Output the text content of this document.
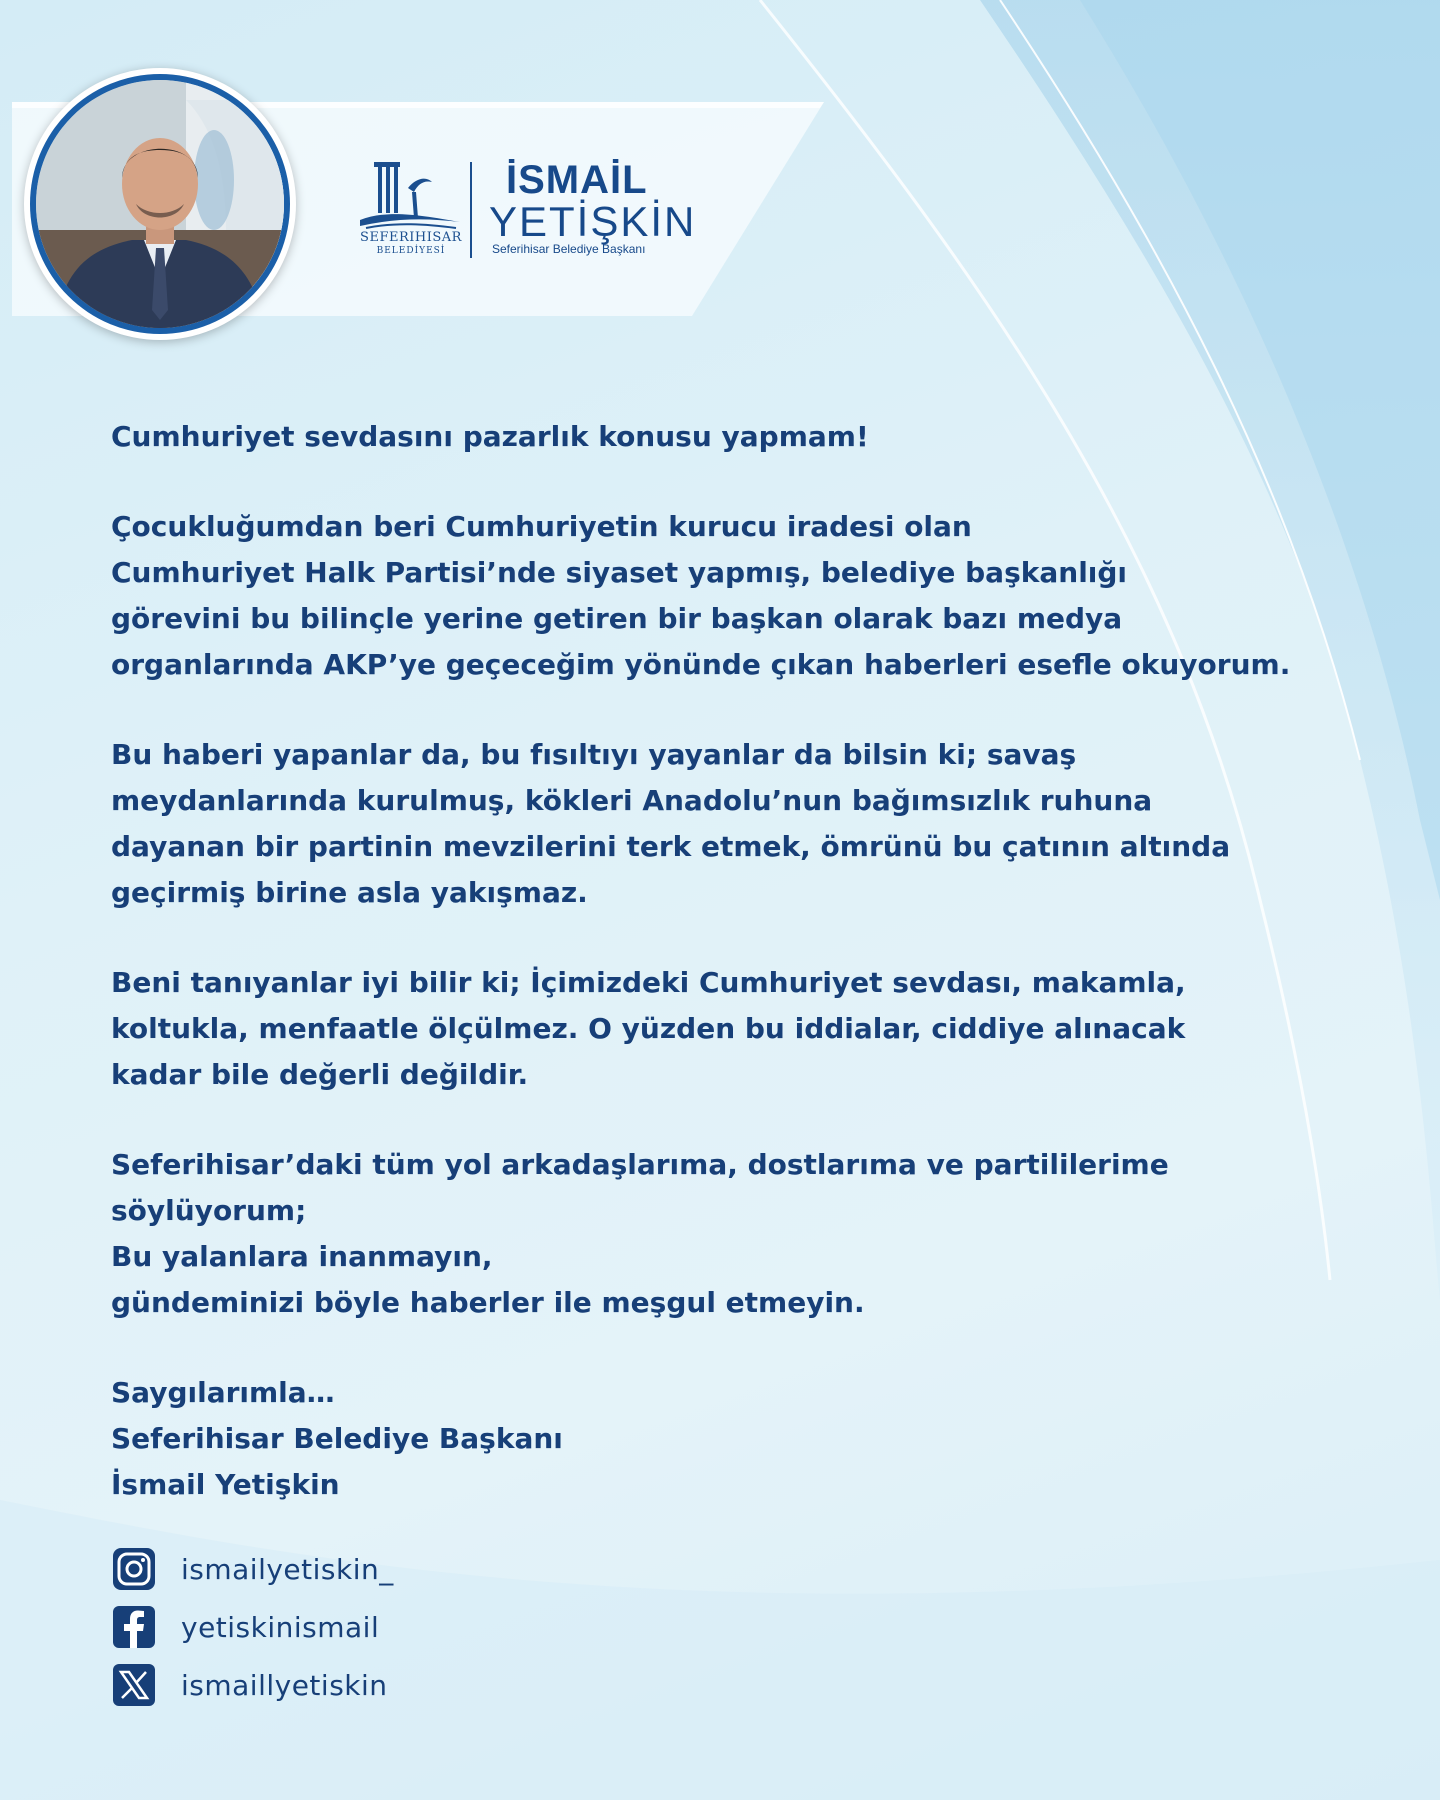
SEFERIHISAR
BELEDİYESİ
İSMAİL
YETİŞKİN
Seferihisar Belediye Başkanı

Cumhuriyet sevdasını pazarlık konusu yapmam!

Çocukluğumdan beri Cumhuriyetin kurucu iradesi olan
Cumhuriyet Halk Partisi’nde siyaset yapmış, belediye başkanlığı
görevini bu bilinçle yerine getiren bir başkan olarak bazı medya
organlarında AKP’ye geçeceğim yönünde çıkan haberleri esefle okuyorum.

Bu haberi yapanlar da, bu fısıltıyı yayanlar da bilsin ki; savaş
meydanlarında kurulmuş, kökleri Anadolu’nun bağımsızlık ruhuna
dayanan bir partinin mevzilerini terk etmek, ömrünü bu çatının altında
geçirmiş birine asla yakışmaz.

Beni tanıyanlar iyi bilir ki; İçimizdeki Cumhuriyet sevdası, makamla,
koltukla, menfaatle ölçülmez. O yüzden bu iddialar, ciddiye alınacak
kadar bile değerli değildir.

Seferihisar’daki tüm yol arkadaşlarıma, dostlarıma ve partililerime söylüyorum;
Bu yalanlara inanmayın,
gündeminizi böyle haberler ile meşgul etmeyin.

Saygılarımla…
Seferihisar Belediye Başkanı
İsmail Yetişkin

ismailyetiskin_
yetiskinismail
ismaillyetiskin
